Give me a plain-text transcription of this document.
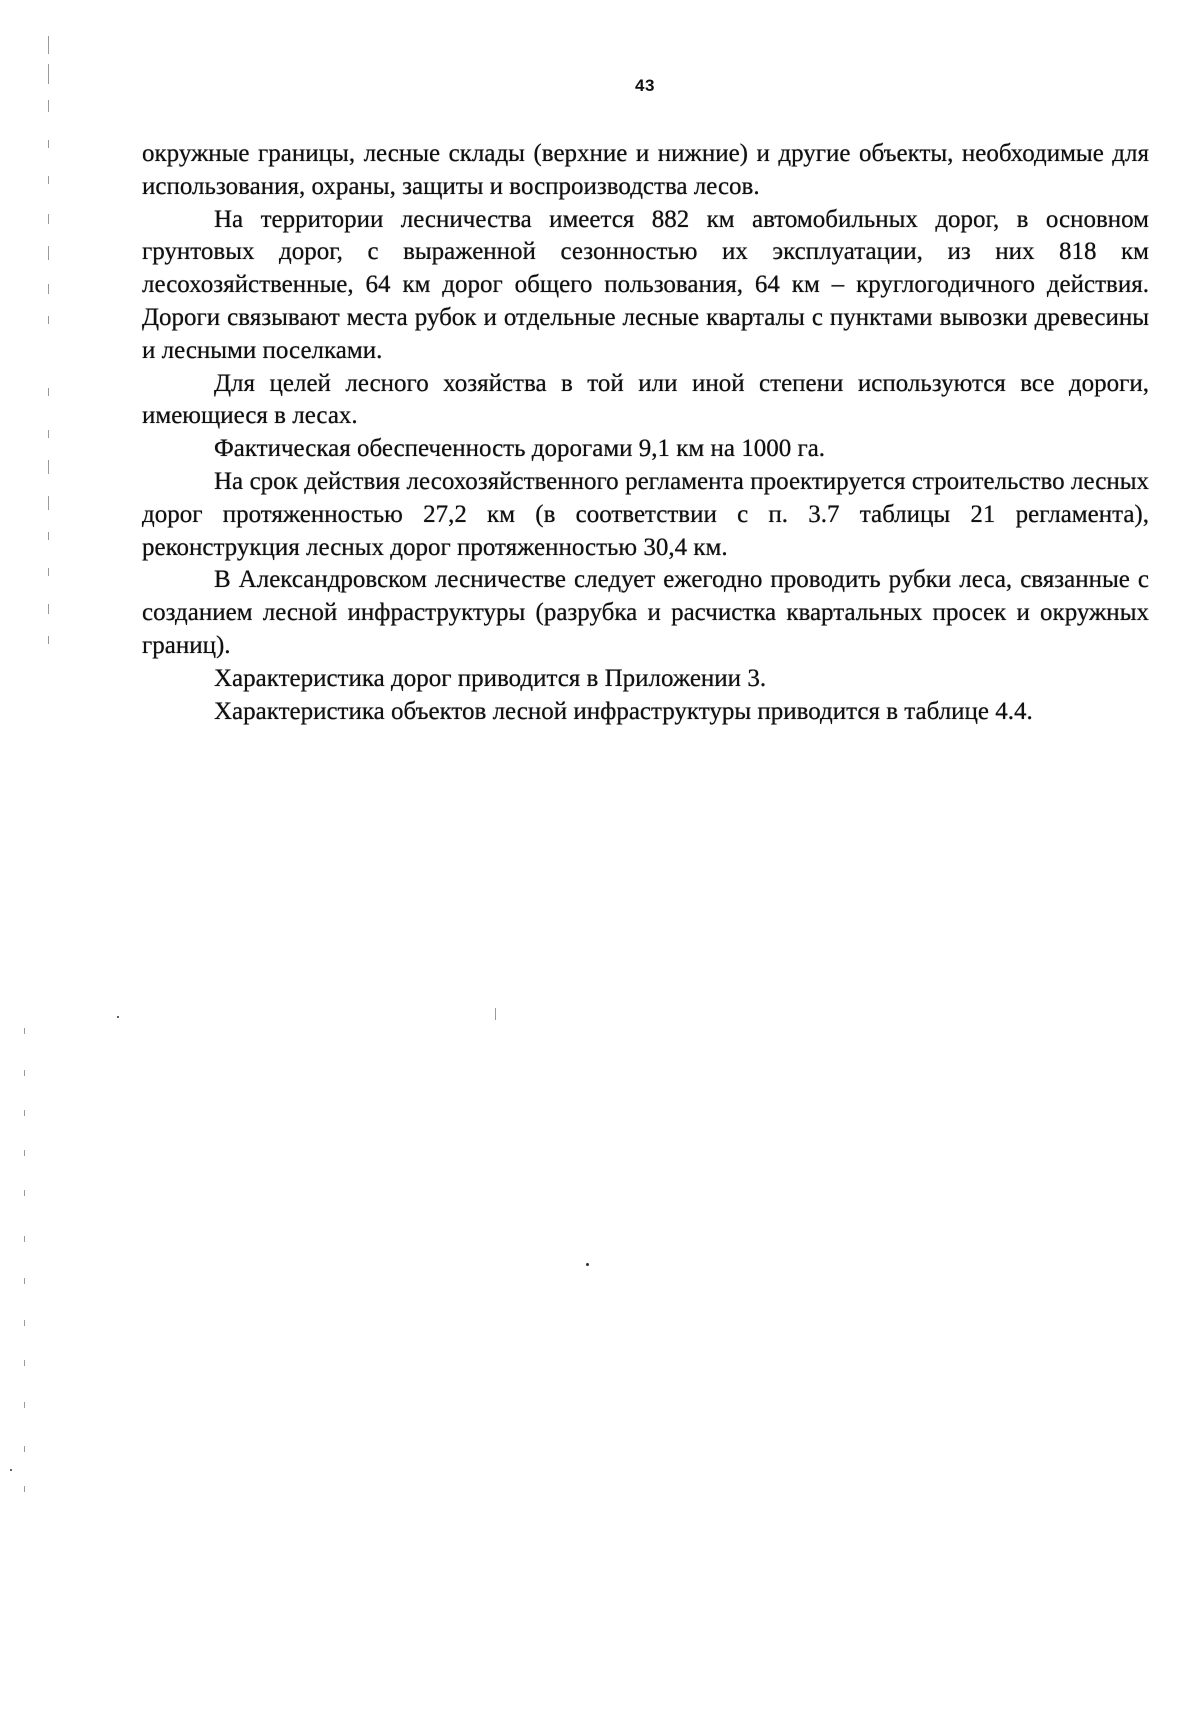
43

окружные границы, лесные склады (верхние и нижние) и другие объекты, необходимые для использования, охраны, защиты и воспроизводства лесов.

На территории лесничества имеется 882 км автомобильных дорог, в основном грунтовых дорог, с выраженной сезонностью их эксплуатации, из них 818 км лесохозяйственные, 64 км дорог общего пользования, 64 км – круглогодичного действия. Дороги связывают места рубок и отдельные лесные кварталы с пунктами вывозки древесины и лесными поселками.

Для целей лесного хозяйства в той или иной степени используются все дороги, имеющиеся в лесах.

Фактическая обеспеченность дорогами 9,1 км на 1000 га.

На срок действия лесохозяйственного регламента проектируется строительство лесных дорог протяженностью 27,2 км (в соответствии с п. 3.7 таблицы 21 регламента), реконструкция лесных дорог протяженностью 30,4 км.

В Александровском лесничестве следует ежегодно проводить рубки леса, связанные с созданием лесной инфраструктуры (разрубка и расчистка квартальных просек и окружных границ).

Характеристика дорог приводится в Приложении 3.

Характеристика объектов лесной инфраструктуры приводится в таблице 4.4.
